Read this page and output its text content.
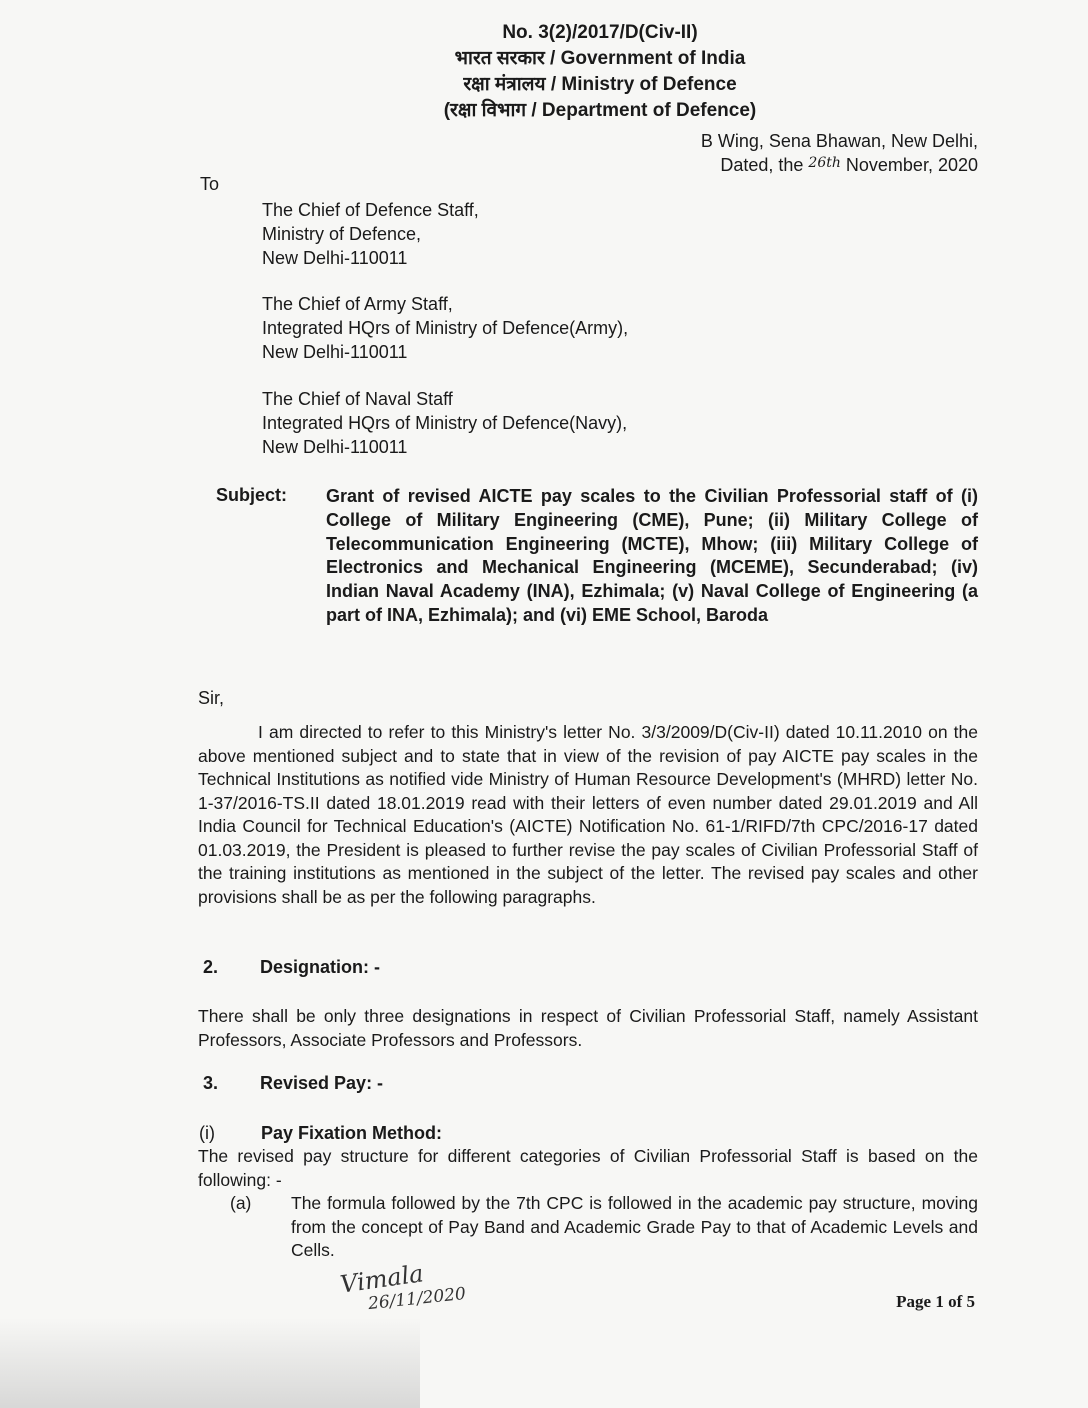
No. 3(2)/2017/D(Civ-II)
भारत सरकार / Government of India
रक्षा मंत्रालय / Ministry of Defence
(रक्षा विभाग / Department of Defence)
B Wing, Sena Bhawan, New Delhi,
Dated, the $^{26th}$ November, 2020
To
The Chief of Defence Staff,
Ministry of Defence,
New Delhi-110011
The Chief of Army Staff,
Integrated HQrs of Ministry of Defence(Army),
New Delhi-110011
The Chief of Naval Staff
Integrated HQrs of Ministry of Defence(Navy),
New Delhi-110011
Subject: Grant of revised AICTE pay scales to the Civilian Professorial staff of (i) College of Military Engineering (CME), Pune; (ii) Military College of Telecommunication Engineering (MCTE), Mhow; (iii) Military College of Electronics and Mechanical Engineering (MCEME), Secunderabad; (iv) Indian Naval Academy (INA), Ezhimala; (v) Naval College of Engineering (a part of INA, Ezhimala); and (vi) EME School, Baroda
Sir,
I am directed to refer to this Ministry's letter No. 3/3/2009/D(Civ-II) dated 10.11.2010 on the above mentioned subject and to state that in view of the revision of pay AICTE pay scales in the Technical Institutions as notified vide Ministry of Human Resource Development's (MHRD) letter No. 1-37/2016-TS.II dated 18.01.2019 read with their letters of even number dated 29.01.2019 and All India Council for Technical Education's (AICTE) Notification No. 61-1/RIFD/7th CPC/2016-17 dated 01.03.2019, the President is pleased to further revise the pay scales of Civilian Professorial Staff of the training institutions as mentioned in the subject of the letter. The revised pay scales and other provisions shall be as per the following paragraphs.
2. Designation: -
There shall be only three designations in respect of Civilian Professorial Staff, namely Assistant Professors, Associate Professors and Professors.
3. Revised Pay: -
(i)	Pay Fixation Method:
The revised pay structure for different categories of Civilian Professorial Staff is based on the following: -
(a) The formula followed by the 7th CPC is followed in the academic pay structure, moving from the concept of Pay Band and Academic Grade Pay to that of Academic Levels and Cells.
Vimala
26/11/2020	Page 1 of 5
